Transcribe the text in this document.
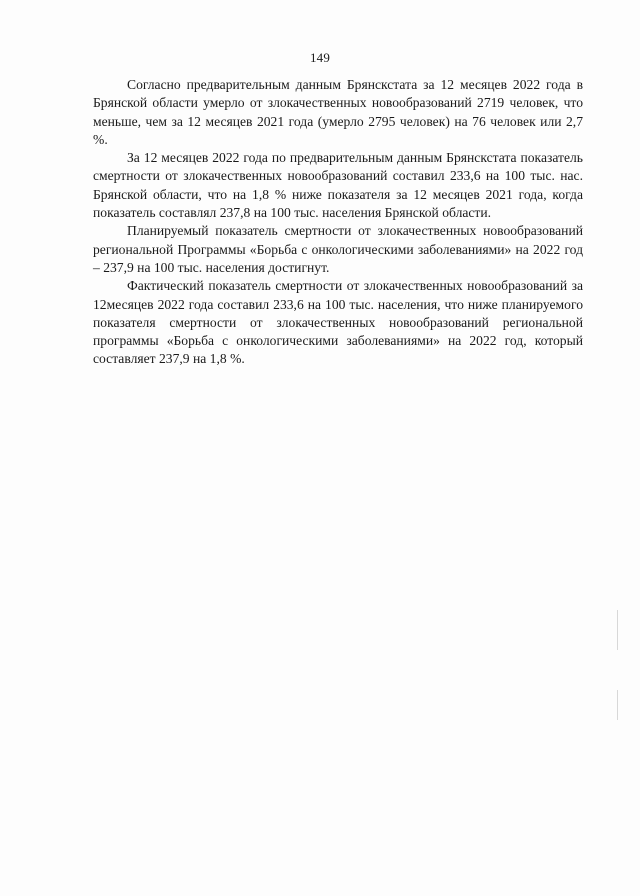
149

Согласно предварительным данным Брянскстата за 12 месяцев 2022 года в Брянской области умерло от злокачественных новообразований 2719 человек, что меньше, чем за 12 месяцев 2021 года (умерло 2795 человек) на 76 человек или 2,7 %.

За 12 месяцев 2022 года по предварительным данным Брянскстата показатель смертности от злокачественных новообразований составил 233,6 на 100 тыс. нас. Брянской области, что на 1,8 % ниже показателя за 12 месяцев 2021 года, когда показатель составлял 237,8 на 100 тыс. населения Брянской области.

Планируемый показатель смертности от злокачественных новообразований региональной Программы «Борьба с онкологическими заболеваниями» на 2022 год – 237,9 на 100 тыс. населения достигнут.

Фактический показатель смертности от злокачественных новообразований за 12месяцев 2022 года составил 233,6 на 100 тыс. населения, что ниже планируемого показателя смертности от злокачественных новообразований региональной программы «Борьба с онкологическими заболеваниями» на 2022 год, который составляет 237,9 на 1,8 %.
